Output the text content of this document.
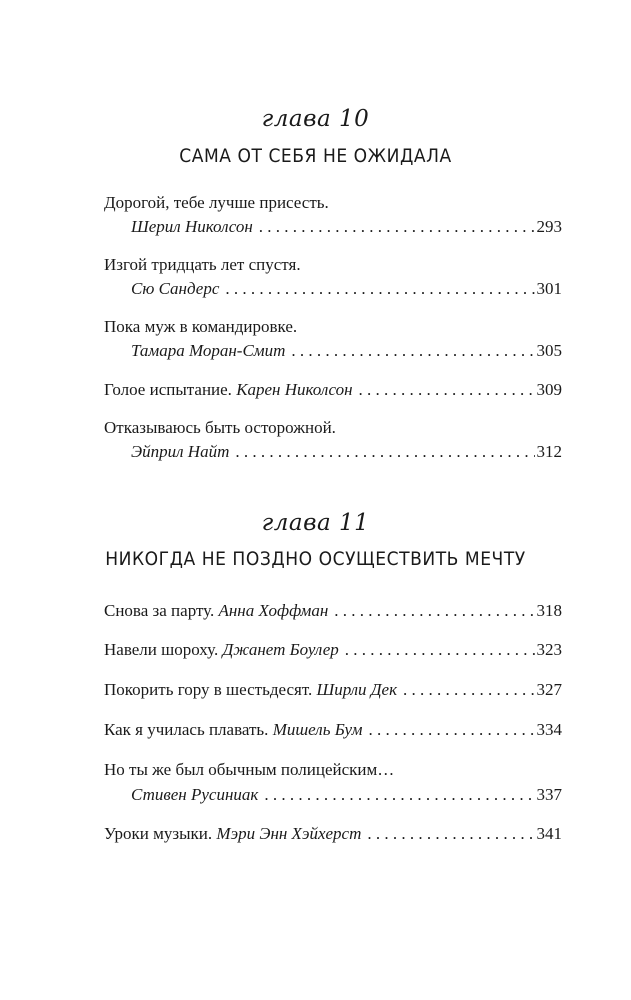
глава 10
САМА ОТ СЕБЯ НЕ ОЖИДАЛА
Дорогой, тебе лучше присесть.
Шерил Николсон . . .	293
Изгой тридцать лет спустя.
Сю Сандерс . . .	301
Пока муж в командировке.
Тамара Моран-Смит . . .	305
Голое испытание.
Карен Николсон . . .	309
Отказываюсь быть осторожной.
Эйприл Найт . . .	312
глава 11
НИКОГДА НЕ ПОЗДНО ОСУЩЕСТВИТЬ МЕЧТУ
Снова за парту.
Анна Хоффман . . .	318
Навели шороху.
Джанет Боулер . . .	323
Покорить гору в шестьдесят.
Ширли Дек . . .	327
Как я училась плавать.
Мишель Бум . . .	334
Но ты же был обычным полицейским…
Стивен Русиниак . . .	337
Уроки музыки.
Мэри Энн Хэйхерст . . .	341
